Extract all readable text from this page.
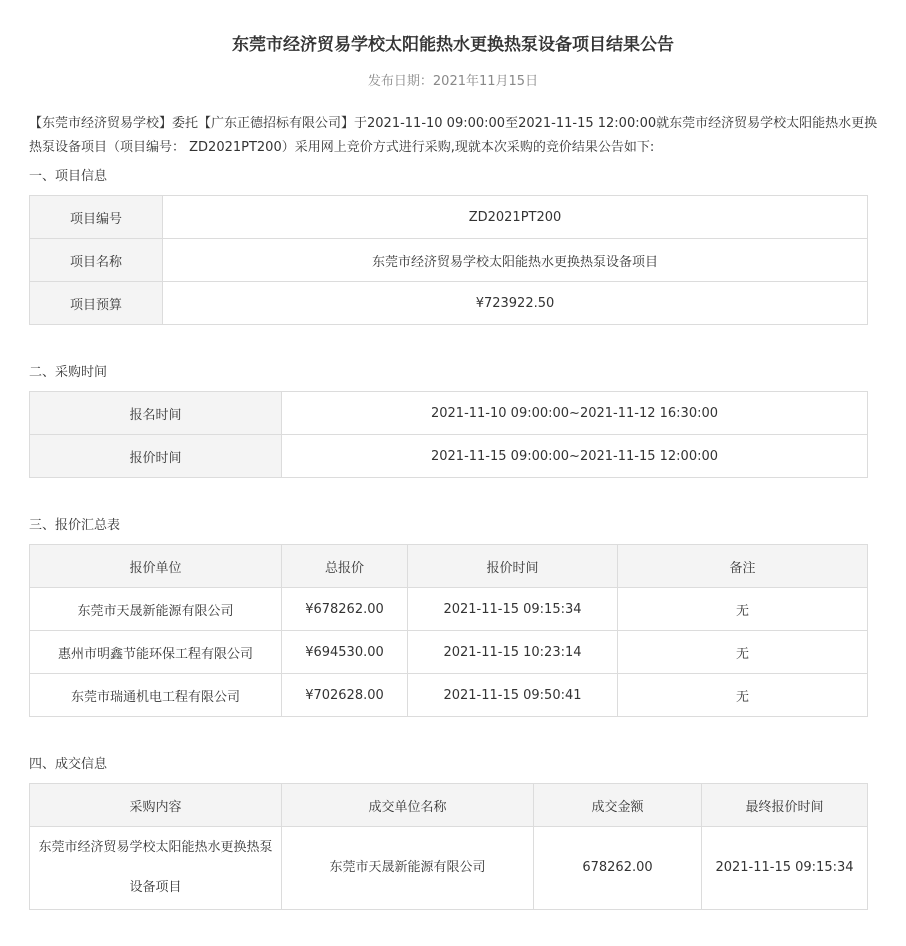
东莞市经济贸易学校太阳能热水更换热泵设备项目结果公告
发布日期：2021年11月15日

【东莞市经济贸易学校】委托【广东正德招标有限公司】于2021-11-10 09:00:00至2021-11-15 12:00:00就东莞市经济贸易学校太阳能热水更换热泵设备项目（项目编号： ZD2021PT200）采用网上竞价方式进行采购,现就本次采购的竞价结果公告如下:

一、项目信息
项目编号	ZD2021PT200
项目名称	东莞市经济贸易学校太阳能热水更换热泵设备项目
项目预算	¥723922.50
二、采购时间
报名时间	2021-11-10 09:00:00~2021-11-12 16:30:00
报价时间	2021-11-15 09:00:00~2021-11-15 12:00:00
三、报价汇总表
报价单位	总报价	报价时间	备注
东莞市天晟新能源有限公司	¥678262.00	2021-11-15 09:15:34	无
惠州市明鑫节能环保工程有限公司	¥694530.00	2021-11-15 10:23:14	无
东莞市瑞通机电工程有限公司	¥702628.00	2021-11-15 09:50:41	无
四、成交信息
采购内容	成交单位名称	成交金额	最终报价时间
东莞市经济贸易学校太阳能热水更换热泵设备项目	东莞市天晟新能源有限公司	678262.00	2021-11-15 09:15:34
